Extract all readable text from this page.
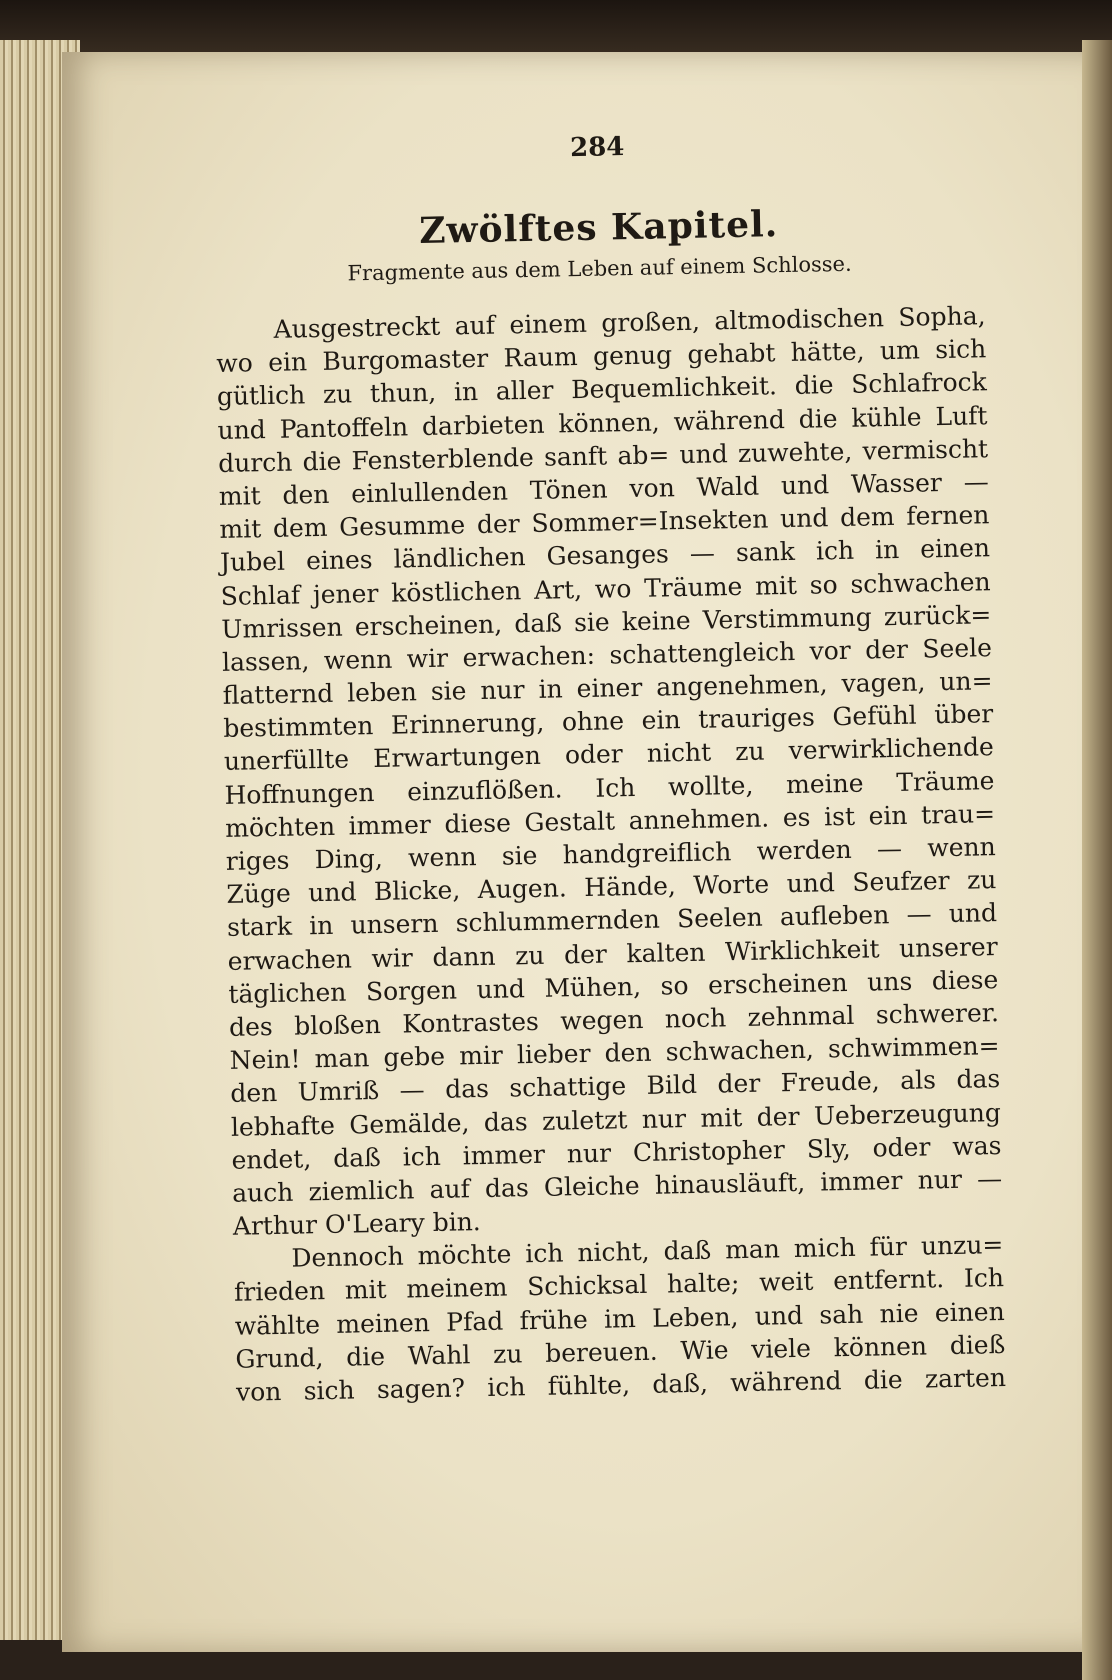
284
Zwölftes Kapitel.
Fragmente aus dem Leben auf einem Schlosse.
Ausgestreckt auf einem großen, altmodischen Sopha,
wo ein Burgomaster Raum genug gehabt hätte, um sich
gütlich zu thun, in aller Bequemlichkeit. die Schlafrock
und Pantoffeln darbieten können, während die kühle Luft
durch die Fensterblende sanft ab= und zuwehte, vermischt
mit den einlullenden Tönen von Wald und Wasser —
mit dem Gesumme der Sommer=Insekten und dem fernen
Jubel eines ländlichen Gesanges — sank ich in einen
Schlaf jener köstlichen Art, wo Träume mit so schwachen
Umrissen erscheinen, daß sie keine Verstimmung zurück=
lassen, wenn wir erwachen: schattengleich vor der Seele
flatternd leben sie nur in einer angenehmen, vagen, un=
bestimmten Erinnerung, ohne ein trauriges Gefühl über
unerfüllte Erwartungen oder nicht zu verwirklichende
Hoffnungen einzuflößen. Ich wollte, meine Träume
möchten immer diese Gestalt annehmen. es ist ein trau=
riges Ding, wenn sie handgreiflich werden — wenn
Züge und Blicke, Augen. Hände, Worte und Seufzer zu
stark in unsern schlummernden Seelen aufleben — und
erwachen wir dann zu der kalten Wirklichkeit unserer
täglichen Sorgen und Mühen, so erscheinen uns diese
des bloßen Kontrastes wegen noch zehnmal schwerer.
Nein! man gebe mir lieber den schwachen, schwimmen=
den Umriß — das schattige Bild der Freude, als das
lebhafte Gemälde, das zuletzt nur mit der Ueberzeugung
endet, daß ich immer nur Christopher Sly, oder was
auch ziemlich auf das Gleiche hinausläuft, immer nur —
Arthur O'Leary bin.
Dennoch möchte ich nicht, daß man mich für unzu=
frieden mit meinem Schicksal halte; weit entfernt. Ich
wählte meinen Pfad frühe im Leben, und sah nie einen
Grund, die Wahl zu bereuen. Wie viele können dieß
von sich sagen? ich fühlte, daß, während die zarten
